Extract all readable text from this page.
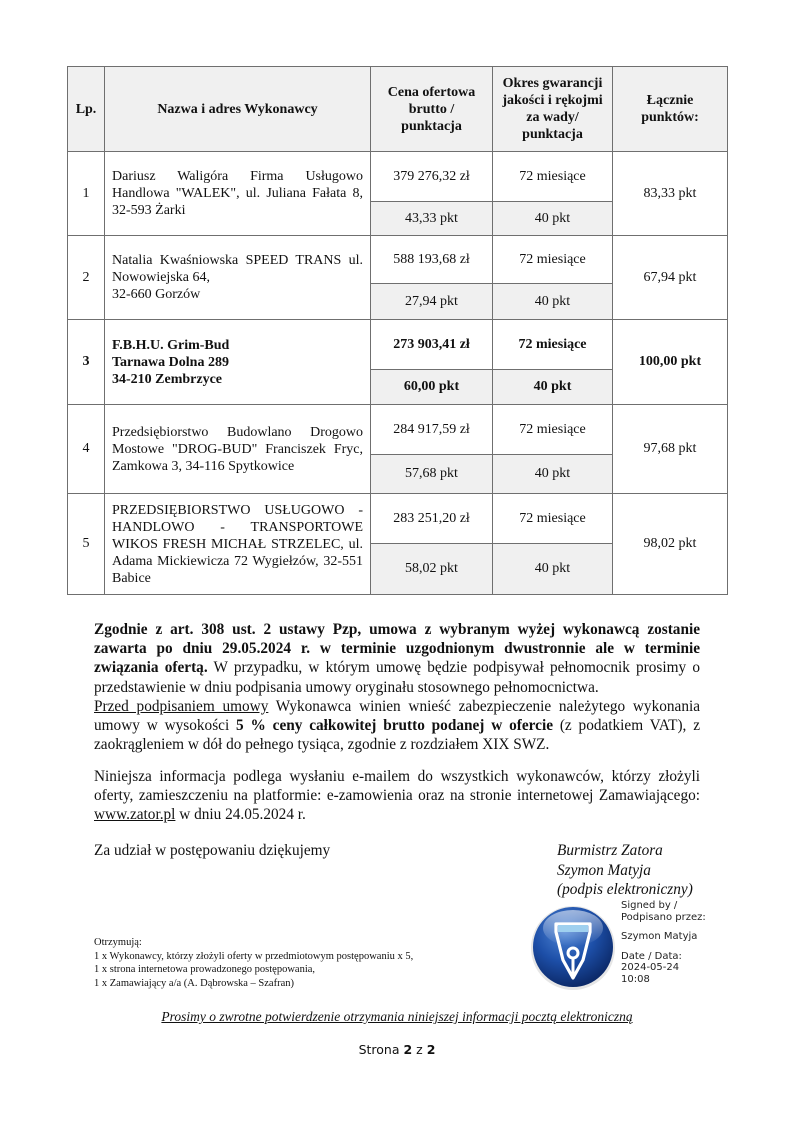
Lp.	Nazwa i adres Wykonawcy	Cena ofertowa brutto / punktacja	Okres gwarancji jakości i rękojmi za wady/ punktacja	Łącznie punktów:
1	Dariusz Waligóra Firma Usługowo Handlowa "WALEK", ul. Juliana Fałata 8, 32-593 Żarki	379 276,32 zł	72 miesiące	83,33 pkt
		43,33 pkt	40 pkt	
2	Natalia Kwaśniowska SPEED TRANS ul. Nowowiejska 64,
32-660 Gorzów	588 193,68 zł	72 miesiące	67,94 pkt
		27,94 pkt	40 pkt	
3	F.B.H.U. Grim-Bud
Tarnawa Dolna 289
34-210 Zembrzyce	273 903,41 zł	72 miesiące	100,00 pkt
		60,00 pkt	40 pkt	
4	Przedsiębiorstwo Budowlano Drogowo Mostowe "DROG-BUD" Franciszek Fryc, Zamkowa 3, 34-116 Spytkowice	284 917,59 zł	72 miesiące	97,68 pkt
		57,68 pkt	40 pkt	
5	PRZEDSIĘBIORSTWO USŁUGOWO - HANDLOWO - TRANSPORTOWE WIKOS FRESH MICHAŁ STRZELEC, ul. Adama Mickiewicza 72 Wygiełzów, 32-551 Babice	283 251,20 zł	72 miesiące	98,02 pkt
		58,02 pkt	40 pkt	
Zgodnie z art. 308 ust. 2 ustawy Pzp, umowa z wybranym wyżej wykonawcą zostanie zawarta po dniu 29.05.2024 r. w terminie uzgodnionym dwustronnie ale w terminie związania ofertą. W przypadku, w którym umowę będzie podpisywał pełnomocnik prosimy o przedstawienie w dniu podpisania umowy oryginału stosownego pełnomocnictwa.
Przed podpisaniem umowy Wykonawca winien wnieść zabezpieczenie należytego wykonania umowy w wysokości 5 % ceny całkowitej brutto podanej w ofercie (z podatkiem VAT), z zaokrągleniem w dół do pełnego tysiąca, zgodnie z rozdziałem XIX SWZ.
Niniejsza informacja podlega wysłaniu e-mailem do wszystkich wykonawców, którzy złożyli oferty, zamieszczeniu na platformie: e-zamowienia oraz na stronie internetowej Zamawiającego: www.zator.pl w dniu 24.05.2024 r.
Za udział w postępowaniu dziękujemy	Burmistrz Zatora
Szymon Matyja
(podpis elektroniczny)
Signed by /
Podpisano przez:
Szymon Matyja
Date / Data:
2024-05-24
10:08
Otrzymują:
1 x Wykonawcy, którzy złożyli oferty w przedmiotowym postępowaniu x 5,
1 x strona internetowa prowadzonego postępowania,
1 x Zamawiający a/a (A. Dąbrowska – Szafran)
Prosimy o zwrotne potwierdzenie otrzymania niniejszej informacji pocztą elektroniczną
Strona 2 z 2
